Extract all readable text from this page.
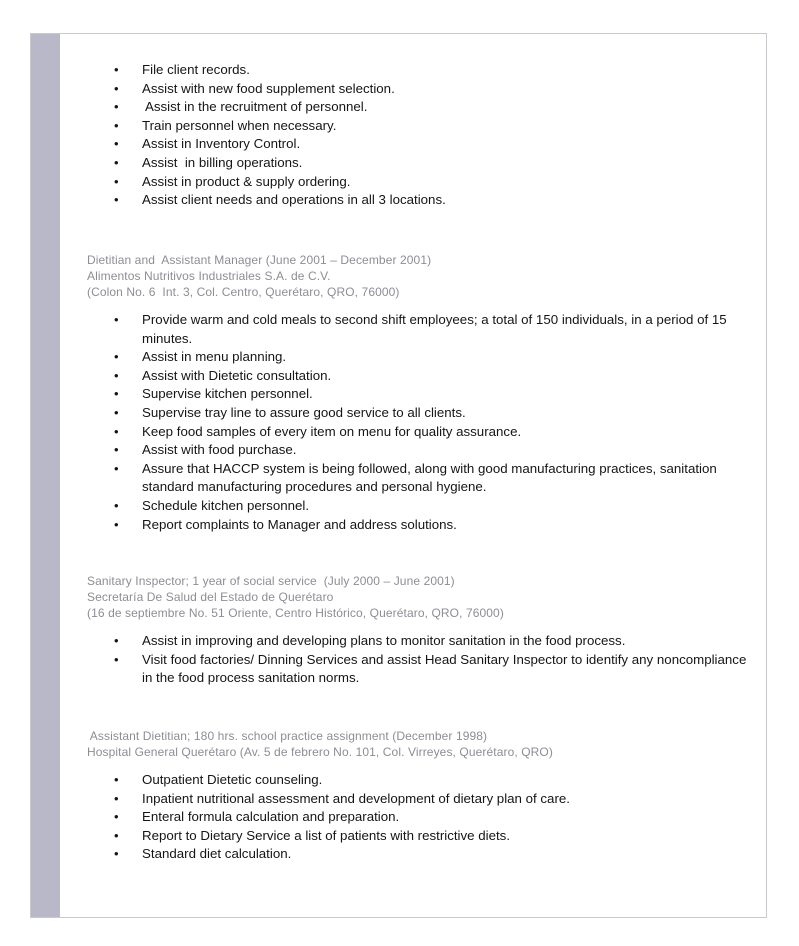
• File client records.
• Assist with new food supplement selection.
•  Assist in the recruitment of personnel.
• Train personnel when necessary.
• Assist in Inventory Control.
• Assist  in billing operations.
• Assist in product & supply ordering.
• Assist client needs and operations in all 3 locations.
Dietitian and  Assistant Manager (June 2001 – December 2001)
Alimentos Nutritivos Industriales S.A. de C.V.
(Colon No. 6  Int. 3, Col. Centro, Querétaro, QRO, 76000)
• Provide warm and cold meals to second shift employees; a total of 150 individuals, in a period of 15 minutes.
• Assist in menu planning.
• Assist with Dietetic consultation.
• Supervise kitchen personnel.
• Supervise tray line to assure good service to all clients.
• Keep food samples of every item on menu for quality assurance.
• Assist with food purchase.
• Assure that HACCP system is being followed, along with good manufacturing practices, sanitation standard manufacturing procedures and personal hygiene.
• Schedule kitchen personnel.
• Report complaints to Manager and address solutions.
Sanitary Inspector; 1 year of social service  (July 2000 – June 2001)
Secretaría De Salud del Estado de Querétaro
(16 de septiembre No. 51 Oriente, Centro Histórico, Querétaro, QRO, 76000)
• Assist in improving and developing plans to monitor sanitation in the food process.
• Visit food factories/ Dinning Services and assist Head Sanitary Inspector to identify any noncompliance in the food process sanitation norms.
Assistant Dietitian; 180 hrs. school practice assignment (December 1998)
Hospital General Querétaro (Av. 5 de febrero No. 101, Col. Virreyes, Querétaro, QRO)
• Outpatient Dietetic counseling.
• Inpatient nutritional assessment and development of dietary plan of care.
• Enteral formula calculation and preparation.
• Report to Dietary Service a list of patients with restrictive diets.
• Standard diet calculation.
